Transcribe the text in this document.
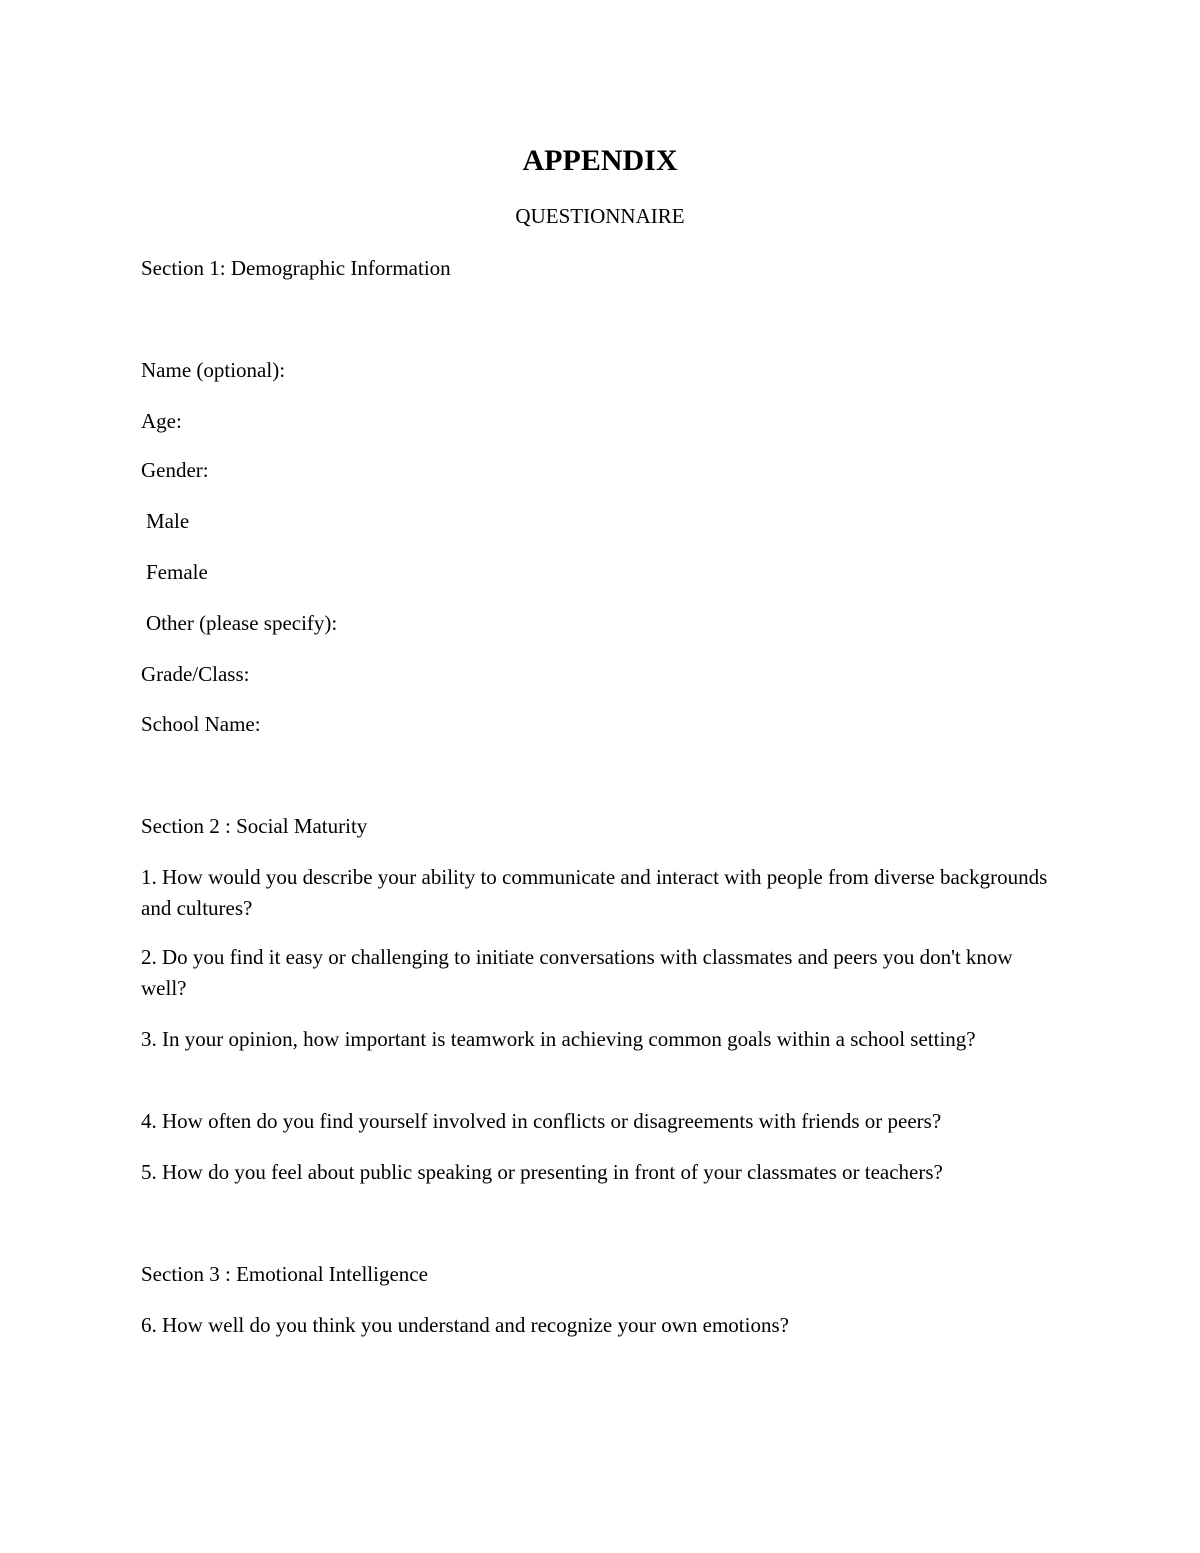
APPENDIX
QUESTIONNAIRE
Section 1: Demographic Information
Name (optional):
Age:
Gender:
Male
Female
Other (please specify):
Grade/Class:
School Name:
Section 2 : Social Maturity
1. How would you describe your ability to communicate and interact with people from diverse backgrounds and cultures?
2. Do you find it easy or challenging to initiate conversations with classmates and peers you don't know well?
3. In your opinion, how important is teamwork in achieving common goals within a school setting?
4. How often do you find yourself involved in conflicts or disagreements with friends or peers?
5. How do you feel about public speaking or presenting in front of your classmates or teachers?
Section 3 : Emotional Intelligence
6. How well do you think you understand and recognize your own emotions?
